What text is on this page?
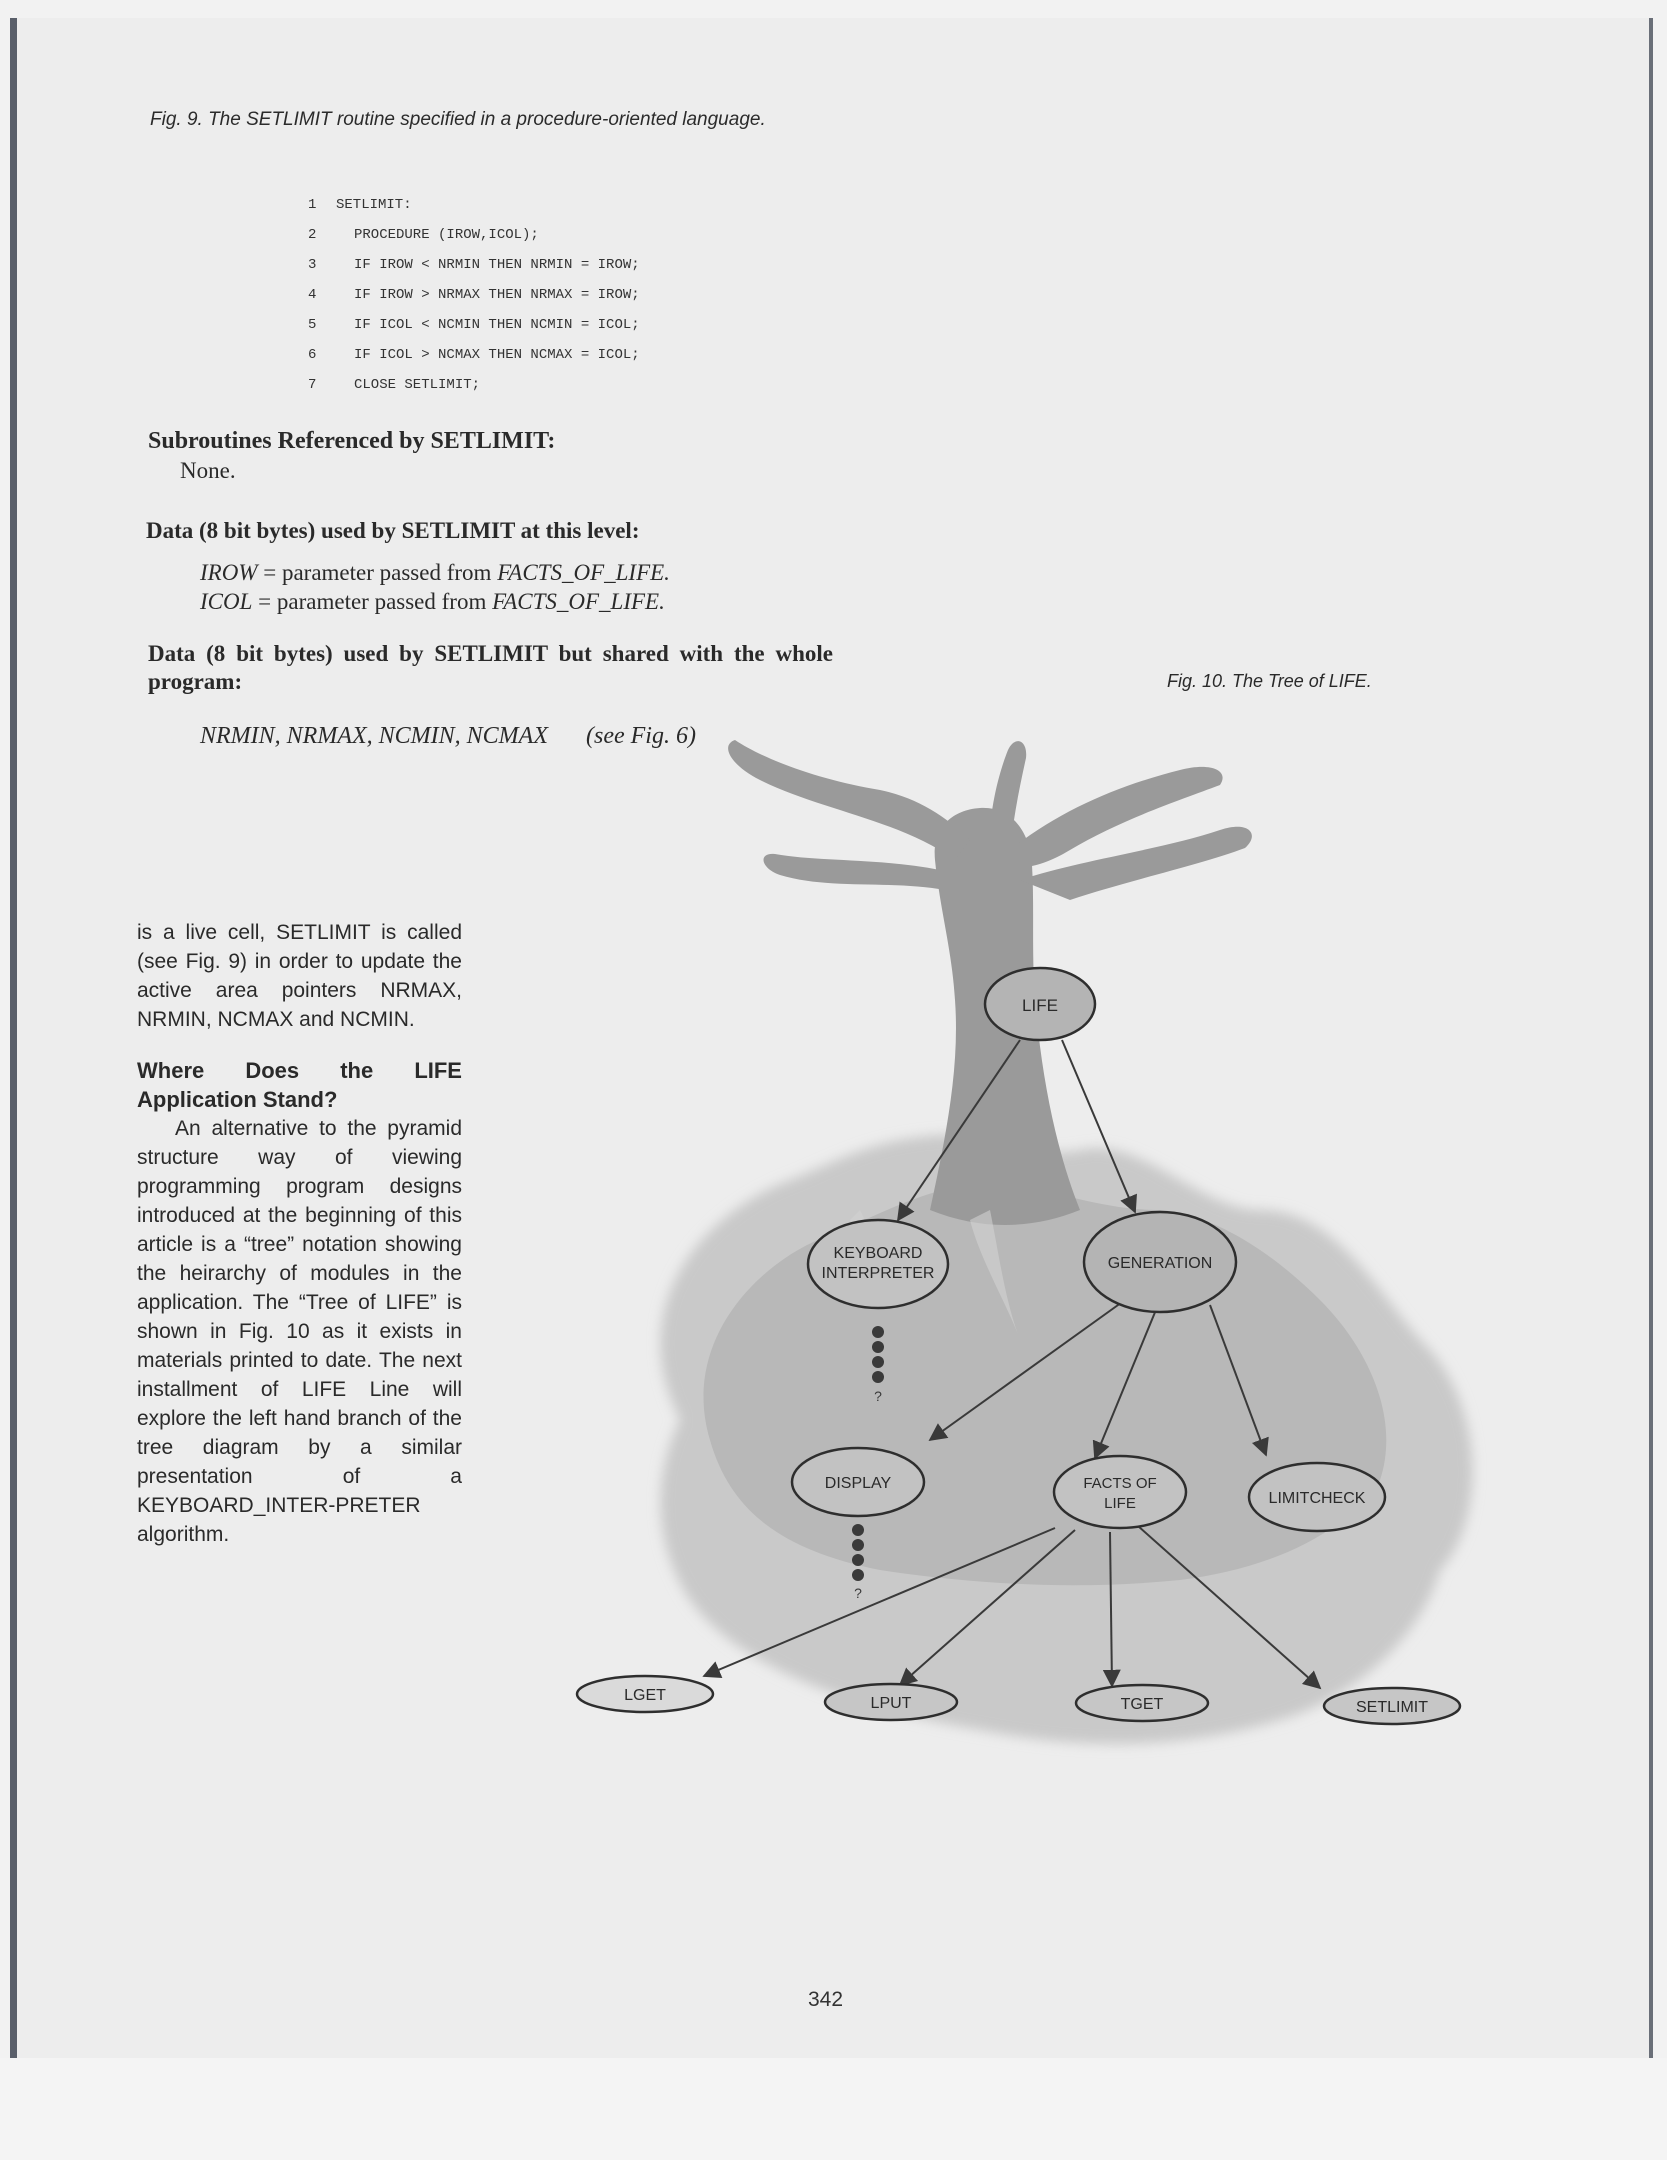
Fig. 9. The SETLIMIT routine specified in a procedure-oriented language.
1 SETLIMIT:
2	PROCEDURE (IROW,ICOL);
3	IF IROW < NRMIN THEN NRMIN = IROW;
4	IF IROW > NRMAX THEN NRMAX = IROW;
5	IF ICOL < NCMIN THEN NCMIN = ICOL;
6	IF ICOL > NCMAX THEN NCMAX = ICOL;
7	CLOSE SETLIMIT;
Subroutines Referenced by SETLIMIT:
None.
Data (8 bit bytes) used by SETLIMIT at this level:
IROW = parameter passed from FACTS_OF_LIFE.
ICOL = parameter passed from FACTS_OF_LIFE.
Data (8 bit bytes) used by SETLIMIT but shared with the whole program:
NRMIN, NRMAX, NCMIN, NCMAX (see Fig. 6)
Fig. 10. The Tree of LIFE.

is a live cell, SETLIMIT is called (see Fig. 9) in order to update the active area pointers NRMAX, NRMIN, NCMAX and NCMIN.

Where Does the LIFE Application Stand?

An alternative to the pyramid structure way of viewing programming program designs introduced at the beginning of this article is a “tree” notation showing the heirarchy of modules in the application. The “Tree of LIFE” is shown in Fig. 10 as it exists in materials printed to date. The next installment of LIFE Line will explore the left hand branch of the tree diagram by a similar presentation of a KEYBOARD_INTER-PRETER algorithm.

LIFE
KEYBOARD
INTERPRETER
?
GENERATION
DISPLAY
?
FACTS OF
LIFE	LIMITCHECK
LGET	LPUT	TGET	SETLIMIT
342
